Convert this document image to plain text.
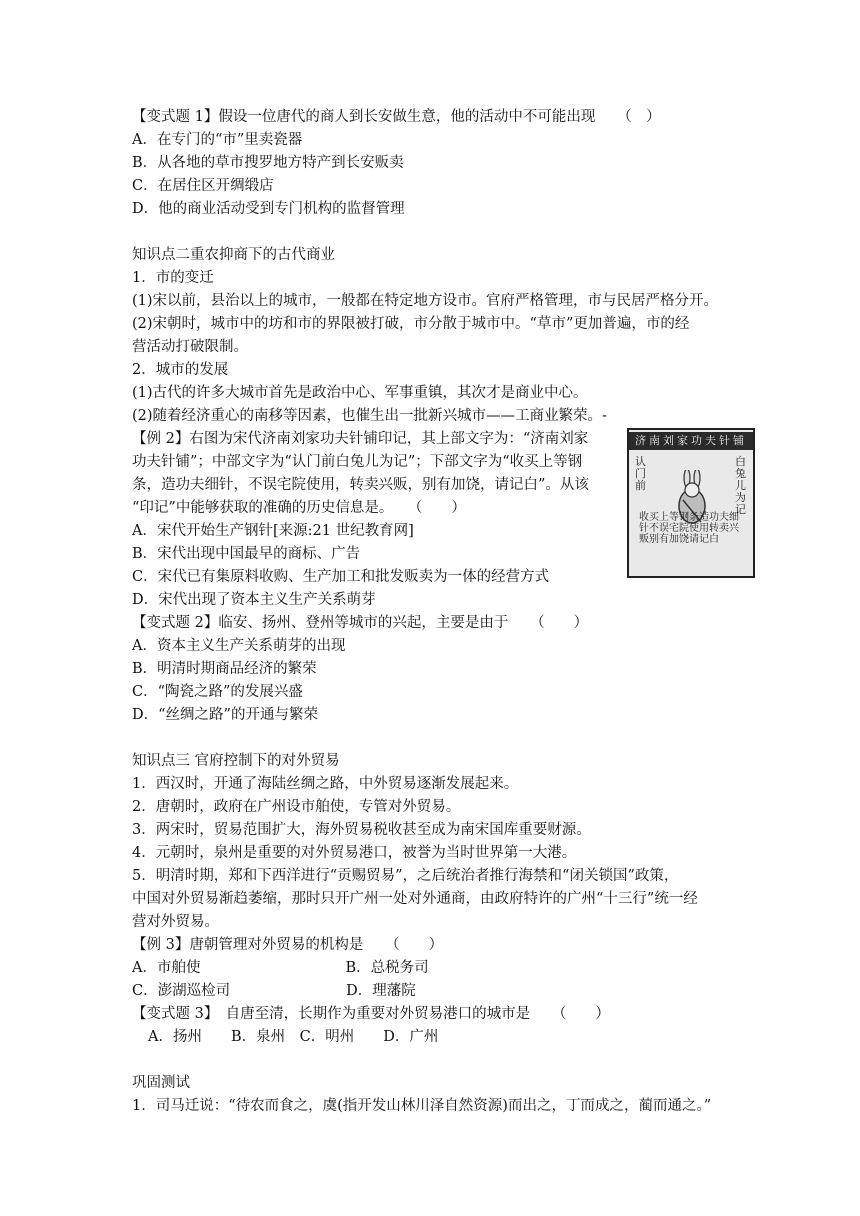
【变式题 1】假设一位唐代的商人到长安做生意，他的活动中不可能出现　　（　）
A．在专门的“市”里卖瓷器
B．从各地的草市搜罗地方特产到长安贩卖
C．在居住区开绸缎店
D．他的商业活动受到专门机构的监督管理
知识点二重农抑商下的古代商业
1．市的变迁
(1)宋以前，县治以上的城市，一般都在特定地方设市。官府严格管理，市与民居严格分开。
(2)宋朝时，城市中的坊和市的界限被打破，市分散于城市中。“草市”更加普遍，市的经
营活动打破限制。
2．城市的发展
(1)古代的许多大城市首先是政治中心、军事重镇，其次才是商业中心。
(2)随着经济重心的南移等因素，也催生出一批新兴城市——工商业繁荣。-
【例 2】右图为宋代济南刘家功夫针铺印记，其上部文字为：“济南刘家
功夫针铺”；中部文字为“认门前白兔儿为记”；下部文字为“收买上等钢
条，造功夫细针，不误宅院使用，转卖兴贩，别有加饶，请记白”。从该
“印记”中能够获取的准确的历史信息是。　　（　　）
A．宋代开始生产钢针[来源:21 世纪教育网]
B．宋代出现中国最早的商标、广告
C．宋代已有集原料收购、生产加工和批发贩卖为一体的经营方式
D．宋代出现了资本主义生产关系萌芽
【变式题 2】临安、扬州、登州等城市的兴起，主要是由于　　（　　）
A．资本主义生产关系萌芽的出现
B．明清时期商品经济的繁荣
C．“陶瓷之路”的发展兴盛
D．“丝绸之路”的开通与繁荣
知识点三 官府控制下的对外贸易
1．西汉时，开通了海陆丝绸之路，中外贸易逐渐发展起来。
2．唐朝时，政府在广州设市舶使，专管对外贸易。
3．两宋时，贸易范围扩大，海外贸易税收甚至成为南宋国库重要财源。
4．元朝时，泉州是重要的对外贸易港口，被誉为当时世界第一大港。
5．明清时期，郑和下西洋进行“贡赐贸易”，之后统治者推行海禁和“闭关锁国”政策，
中国对外贸易渐趋萎缩，那时只开广州一处对外通商，由政府特许的广州“十三行”统一经
营对外贸易。
【例 3】唐朝管理对外贸易的机构是　　（　　）
A．市舶使　　　　　　　　　　B．总税务司
C．澎湖巡检司　　　　　　　　D．理藩院
【变式题 3】　自唐至清，长期作为重要对外贸易港口的城市是　　（　　）
A．扬州　　B．泉州　C．明州　　D．广州
巩固测试
1．司马迁说：“待农而食之，虞(指开发山林川泽自然资源)而出之，丁而成之，蔺而通之。”
济南刘家功夫针铺
认门前
白兔儿为记
收买上等钢条造功夫细针不误宅院使用转卖兴贩别有加饶请记白
